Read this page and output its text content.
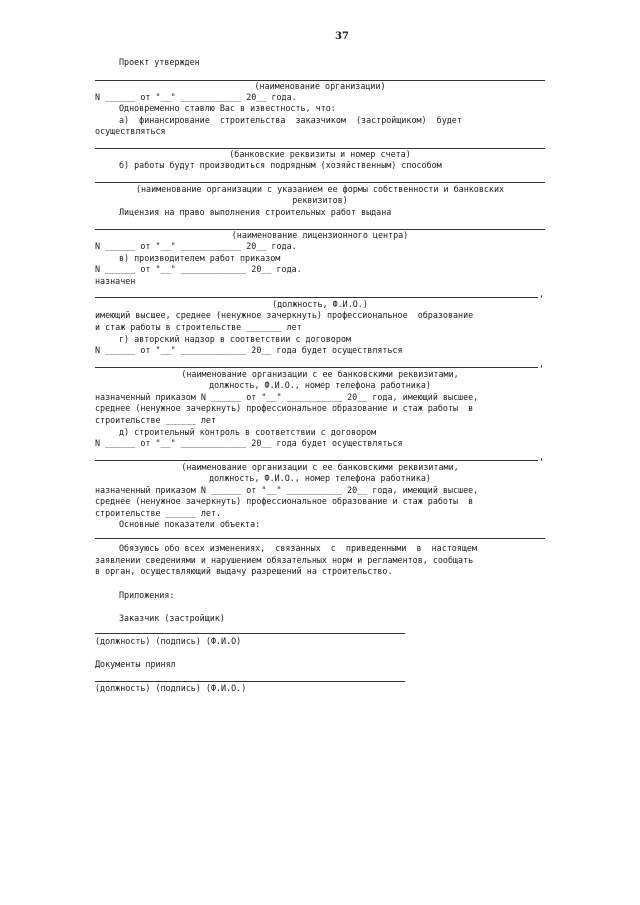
37
Проект утвержден
(наименование организации)
N ______ от "__" ____________ 20__ года.
Одновременно ставлю Вас в известность, что:
а)  финансирование  строительства  заказчиком  (застройщиком)  будет
осуществляться
(банковские реквизиты и номер счета)
б) работы будут производиться подрядным (хозяйственным) способом
(наименование организации с указанием ее формы собственности и банковских
реквизитов)
Лицензия на право выполнения строительных работ выдана
(наименование лицензионного центра)
N ______ от "__" ____________ 20__ года.
в) производителем работ приказом
N ______ от "__" _____________ 20__ года.
назначен
,
(должность, Ф.И.О.)
имеющий высшее, среднее (ненужное зачеркнуть) профессиональное  образование
и стаж работы в строительстве _______ лет
г) авторский надзор в соответствии с договором
N ______ от "__" _____________ 20__ года будет осуществляться
,
(наименование организации с ее банковскими реквизитами,
должность, Ф.И.О., номер телефона работника)
назначенный приказом N ______ от "__" ___________ 20__ года, имеющий высшее,
среднее (ненужное зачеркнуть) профессиональное образование и стаж работы  в
строительстве ______ лет
д) строительный контроль в соответствии с договором
N ______ от "__" _____________ 20__ года будет осуществляться
,
(наименование организации с ее банковскими реквизитами,
должность, Ф.И.О., номер телефона работника)
назначенный приказом N ______ от "__" ___________ 20__ года, имеющий высшее,
среднее (ненужное зачеркнуть) профессиональное образование и стаж работы  в
строительстве ______ лет.
Основные показатели объекта:
Обязуюсь обо всех изменениях,  связанных  с  приведенными  в  настоящем
заявлении сведениями и нарушением обязательных норм и регламентов, сообщать
в орган, осуществляющий выдачу разрешений на строительство.
Приложения:
Заказчик (застройщик)
(должность) (подпись) (Ф.И.О)
Документы принял
(должность) (подпись) (Ф.И.О.)
